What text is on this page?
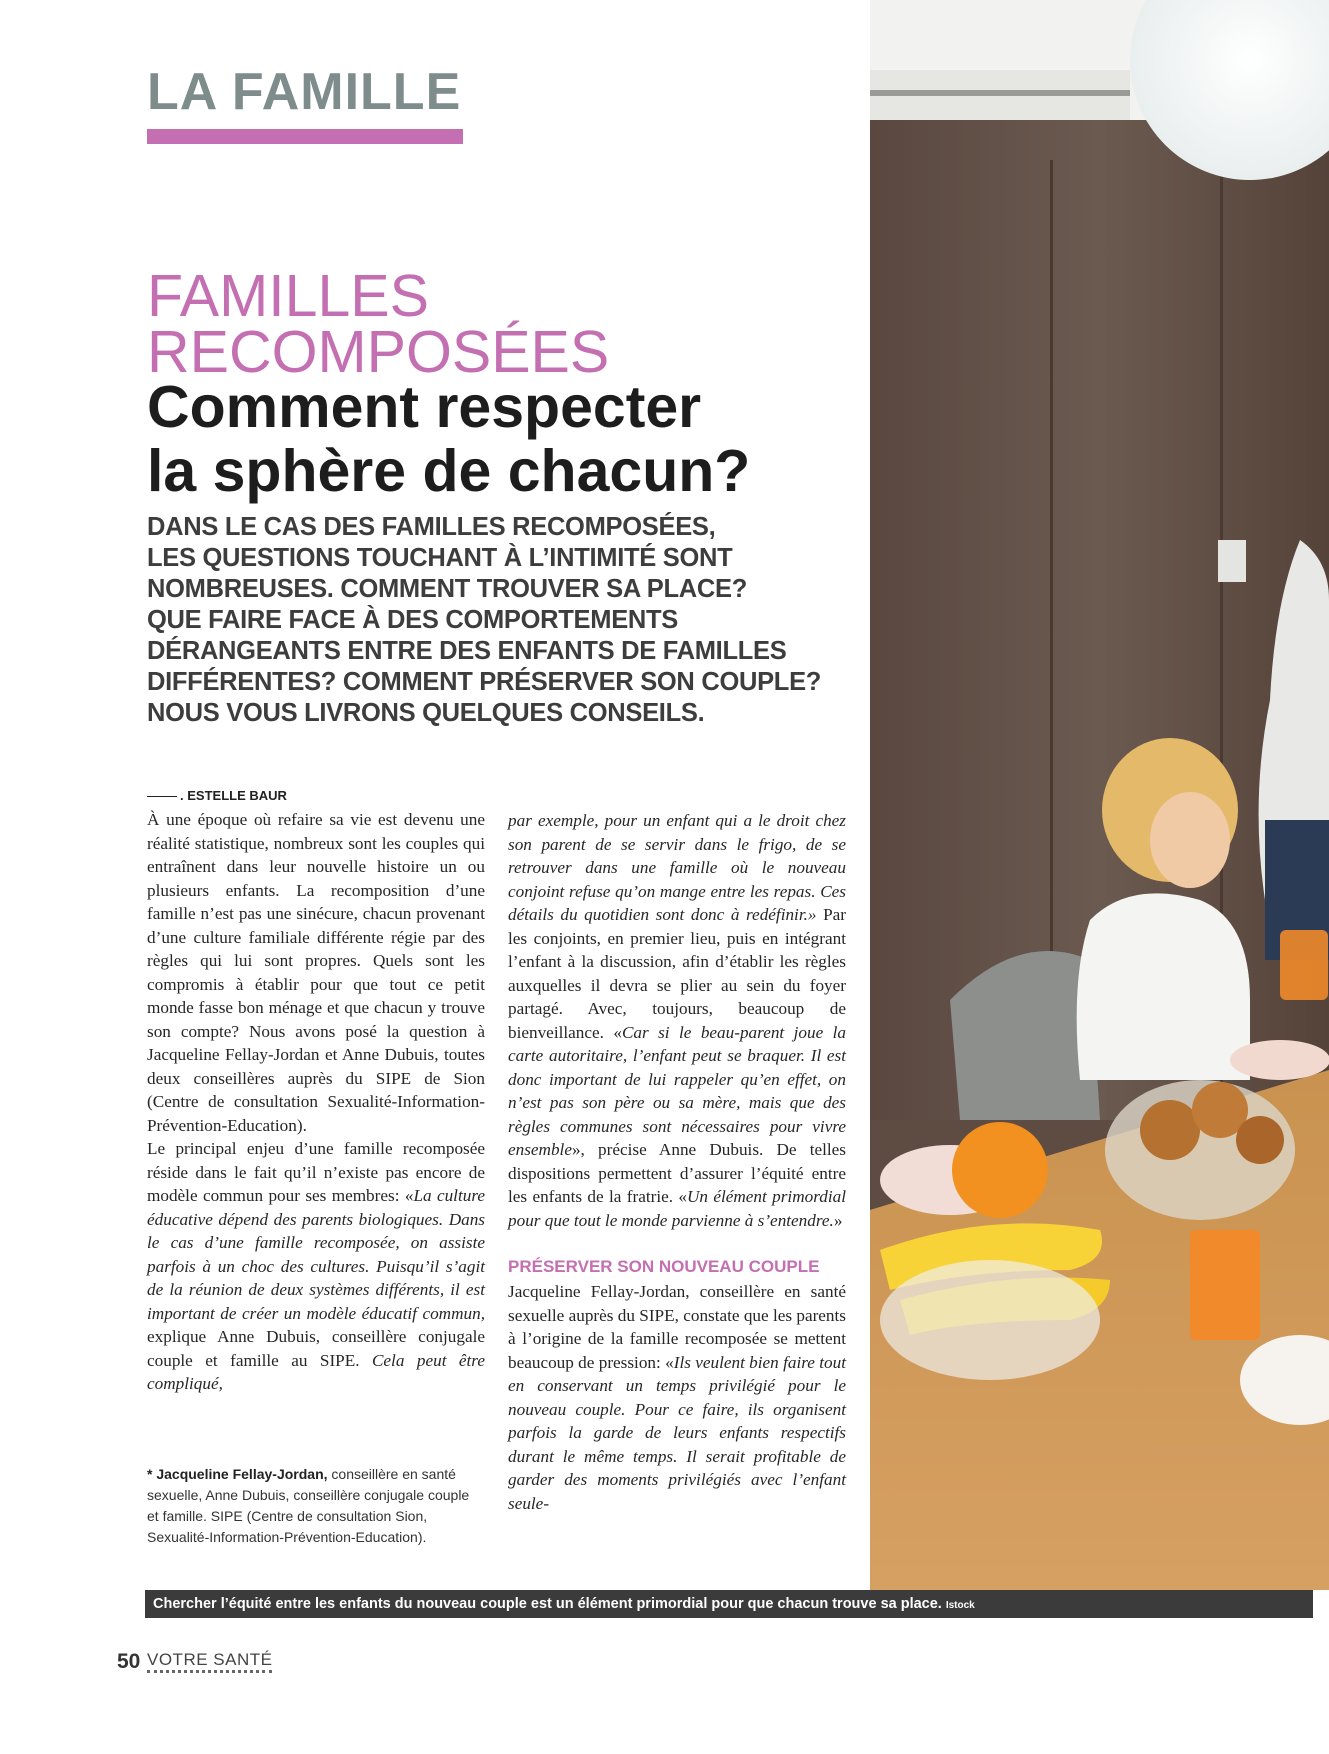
LA FAMILLE
FAMILLES
RECOMPOSÉES
Comment respecter
la sphère de chacun?

DANS LE CAS DES FAMILLES RECOMPOSÉES,
LES QUESTIONS TOUCHANT À L’INTIMITÉ SONT
NOMBREUSES. COMMENT TROUVER SA PLACE?
QUE FAIRE FACE À DES COMPORTEMENTS
DÉRANGEANTS ENTRE DES ENFANTS DE FAMILLES
DIFFÉRENTES? COMMENT PRÉSERVER SON COUPLE?
NOUS VOUS LIVRONS QUELQUES CONSEILS.

. ESTELLE BAUR

À une époque où refaire sa vie est devenu une réalité statistique, nombreux sont les couples qui entraînent dans leur nouvelle histoire un ou plusieurs enfants. La recomposition d’une famille n’est pas une sinécure, chacun provenant d’une culture familiale différente régie par des règles qui lui sont propres. Quels sont les compromis à établir pour que tout ce petit monde fasse bon ménage et que chacun y trouve son compte? Nous avons posé la question à Jacqueline Fellay-Jordan et Anne Dubuis, toutes deux conseillères auprès du SIPE de Sion (Centre de consultation Sexualité-Information-Prévention-Education).

Le principal enjeu d’une famille recomposée réside dans le fait qu’il n’existe pas encore de modèle commun pour ses membres: «La culture éducative dépend des parents biologiques. Dans le cas d’une famille recomposée, on assiste parfois à un choc des cultures. Puisqu’il s’agit de la réunion de deux systèmes différents, il est important de créer un modèle éducatif commun, explique Anne Dubuis, conseillère conjugale couple et famille au SIPE. Cela peut être compliqué,

par exemple, pour un enfant qui a le droit chez son parent de se servir dans le frigo, de se retrouver dans une famille où le nouveau conjoint refuse qu’on mange entre les repas. Ces détails du quotidien sont donc à redéfinir.» Par les conjoints, en premier lieu, puis en intégrant l’enfant à la discussion, afin d’établir les règles auxquelles il devra se plier au sein du foyer partagé. Avec, toujours, beaucoup de bienveillance. «Car si le beau-parent joue la carte autoritaire, l’enfant peut se braquer. Il est donc important de lui rappeler qu’en effet, on n’est pas son père ou sa mère, mais que des règles communes sont nécessaires pour vivre ensemble», précise Anne Dubuis. De telles dispositions permettent d’assurer l’équité entre les enfants de la fratrie. «Un élément primordial pour que tout le monde parvienne à s’entendre.»

PRÉSERVER SON NOUVEAU COUPLE

Jacqueline Fellay-Jordan, conseillère en santé sexuelle auprès du SIPE, constate que les parents à l’origine de la famille recomposée se mettent beaucoup de pression: «Ils veulent bien faire tout en conservant un temps privilégié pour le nouveau couple. Pour ce faire, ils organisent parfois la garde de leurs enfants respectifs durant le même temps. Il serait profitable de garder des moments privilégiés avec l’enfant seule-

* Jacqueline Fellay-Jordan, conseillère en santé sexuelle, Anne Dubuis, conseillère conjugale couple et famille. SIPE (Centre de consultation Sion, Sexualité-Information-Prévention-Education).
Chercher l’équité entre les enfants du nouveau couple est un élément primordial pour que chacun trouve sa place. Istock
50 VOTRE SANTÉ
